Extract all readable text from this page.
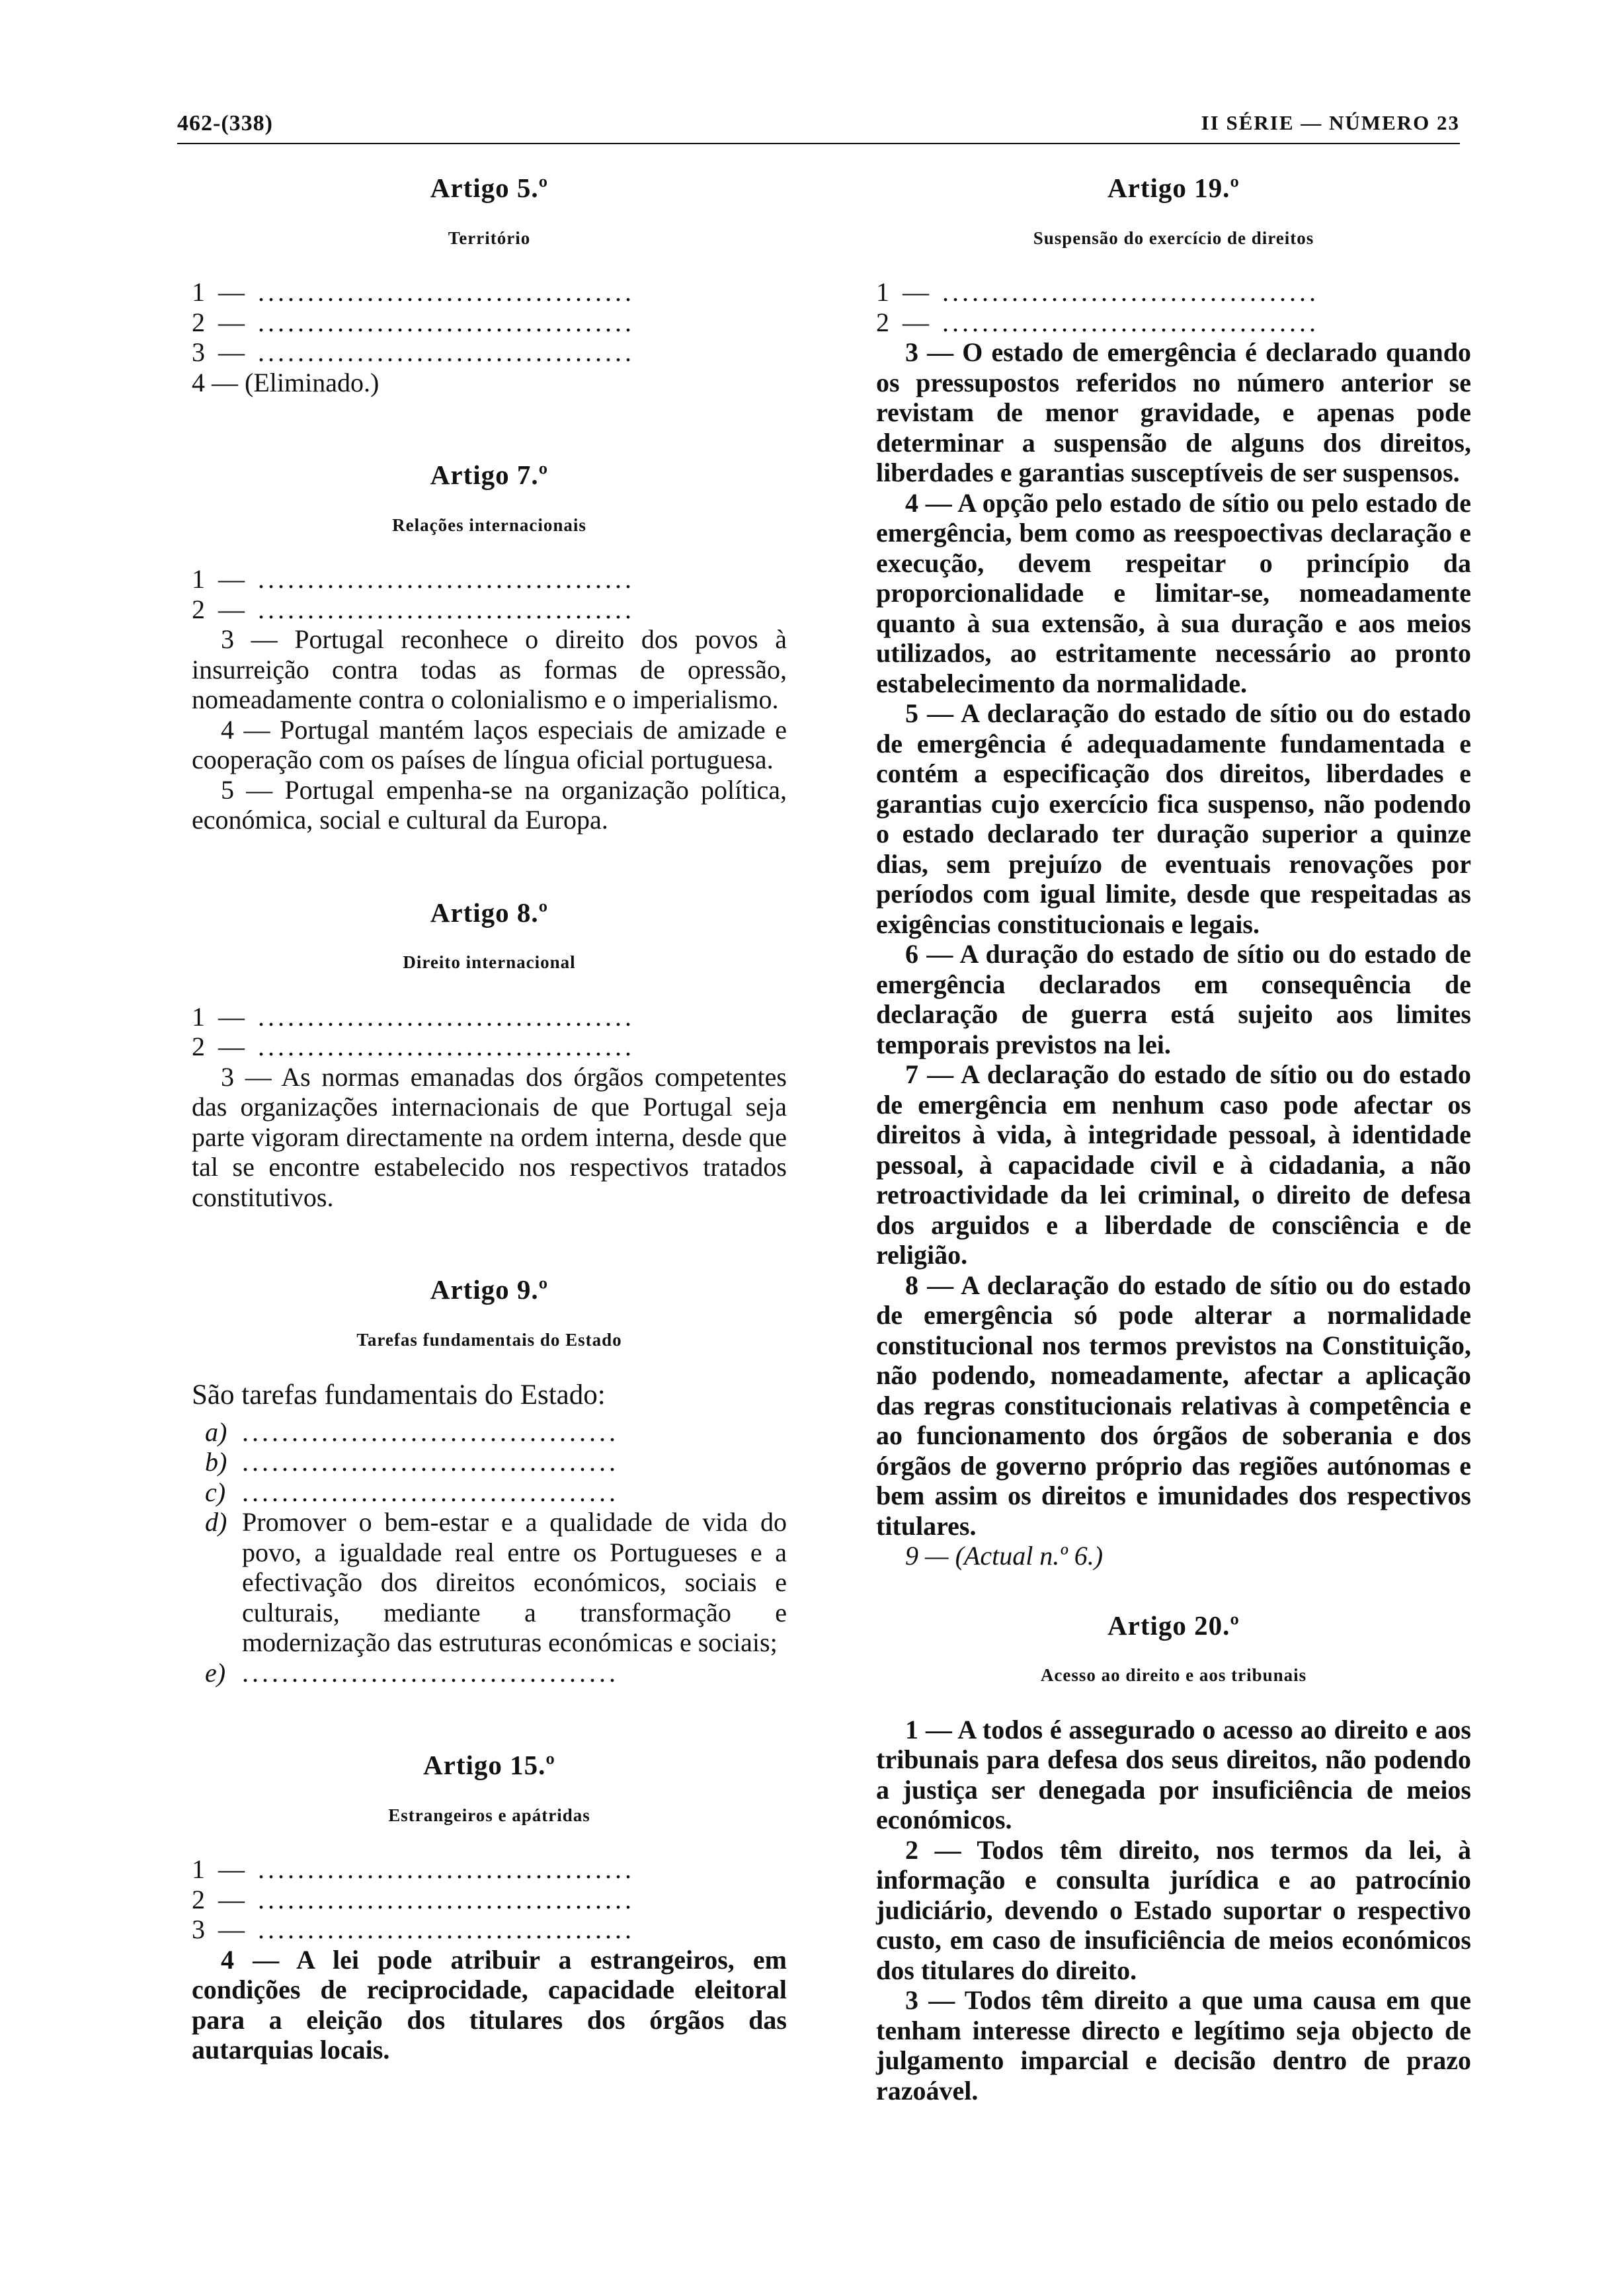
462-(338)	II SÉRIE — NÚMERO 23
Artigo 5.º
Território
1 — ......................................
2 — ......................................
3 — ......................................
4 — (Eliminado.)
Artigo 7.º
Relações internacionais
1 — ......................................
2 — ......................................

3 — Portugal reconhece o direito dos povos à insurreição contra todas as formas de opressão, nomeadamente contra o colonialismo e o imperialismo.

4 — Portugal mantém laços especiais de amizade e cooperação com os países de língua oficial portuguesa.

5 — Portugal empenha-se na organização política, económica, social e cultural da Europa.

Artigo 8.º
Direito internacional
1 — ......................................
2 — ......................................

3 — As normas emanadas dos órgãos competentes das organizações internacionais de que Portugal seja parte vigoram directamente na ordem interna, desde que tal se encontre estabelecido nos respectivos tratados constitutivos.

Artigo 9.º
Tarefas fundamentais do Estado

São tarefas fundamentais do Estado:

a) ......................................
b) ......................................
c) ......................................
d) Promover o bem-estar e a qualidade de vida do povo, a igualdade real entre os Portugueses e a efectivação dos direitos económicos, sociais e culturais, mediante a transformação e modernização das estruturas económicas e sociais;
e) ......................................
Artigo 15.º
Estrangeiros e apátridas
1 — ......................................
2 — ......................................
3 — ......................................

4 — A lei pode atribuir a estrangeiros, em condições de reciprocidade, capacidade eleitoral para a eleição dos titulares dos órgãos das autarquias locais.

Artigo 19.º
Suspensão do exercício de direitos
1 — ......................................
2 — ......................................

3 — O estado de emergência é declarado quando os pressupostos referidos no número anterior se revistam de menor gravidade, e apenas pode determinar a suspensão de alguns dos direitos, liberdades e garantias susceptíveis de ser suspensos.

4 — A opção pelo estado de sítio ou pelo estado de emergência, bem como as reespoectivas declaração e execução, devem respeitar o princípio da proporcionalidade e limitar-se, nomeadamente quanto à sua extensão, à sua duração e aos meios utilizados, ao estritamente necessário ao pronto estabelecimento da normalidade.

5 — A declaração do estado de sítio ou do estado de emergência é adequadamente fundamentada e contém a especificação dos direitos, liberdades e garantias cujo exercício fica suspenso, não podendo o estado declarado ter duração superior a quinze dias, sem prejuízo de eventuais renovações por períodos com igual limite, desde que respeitadas as exigências constitucionais e legais.

6 — A duração do estado de sítio ou do estado de emergência declarados em consequência de declaração de guerra está sujeito aos limites temporais previstos na lei.

7 — A declaração do estado de sítio ou do estado de emergência em nenhum caso pode afectar os direitos à vida, à integridade pessoal, à identidade pessoal, à capacidade civil e à cidadania, a não retroactividade da lei criminal, o direito de defesa dos arguidos e a liberdade de consciência e de religião.

8 — A declaração do estado de sítio ou do estado de emergência só pode alterar a normalidade constitucional nos termos previstos na Constituição, não podendo, nomeadamente, afectar a aplicação das regras constitucionais relativas à competência e ao funcionamento dos órgãos de soberania e dos órgãos de governo próprio das regiões autónomas e bem assim os direitos e imunidades dos respectivos titulares.

9 — (Actual n.º 6.)

Artigo 20.º
Acesso ao direito e aos tribunais

1 — A todos é assegurado o acesso ao direito e aos tribunais para defesa dos seus direitos, não podendo a justiça ser denegada por insuficiência de meios económicos.

2 — Todos têm direito, nos termos da lei, à informação e consulta jurídica e ao patrocínio judiciário, devendo o Estado suportar o respectivo custo, em caso de insuficiência de meios económicos dos titulares do direito.

3 — Todos têm direito a que uma causa em que tenham interesse directo e legítimo seja objecto de julgamento imparcial e decisão dentro de prazo razoável.
